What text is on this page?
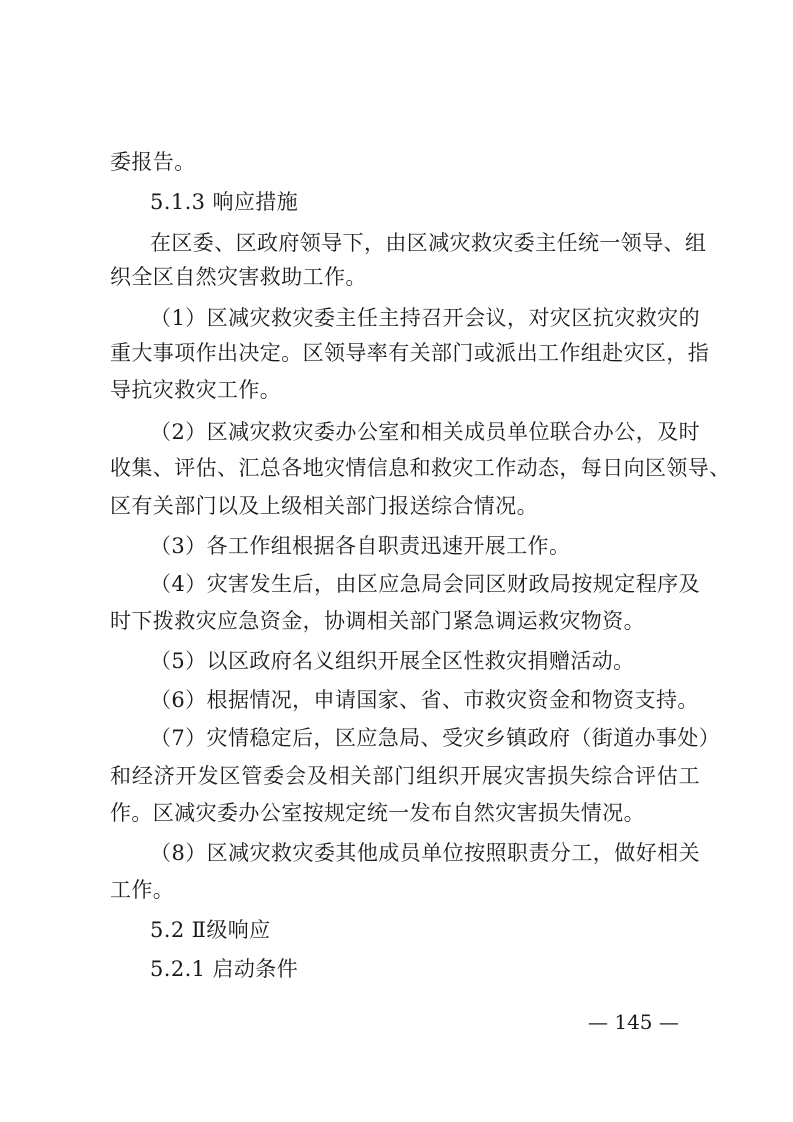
委报告。
5.1.3 响应措施
在区委、区政府领导下，由区减灾救灾委主任统一领导、组
织全区自然灾害救助工作。
（1）区减灾救灾委主任主持召开会议，对灾区抗灾救灾的
重大事项作出决定。区领导率有关部门或派出工作组赴灾区，指
导抗灾救灾工作。
（2）区减灾救灾委办公室和相关成员单位联合办公，及时
收集、评估、汇总各地灾情信息和救灾工作动态，每日向区领导、
区有关部门以及上级相关部门报送综合情况。
（3）各工作组根据各自职责迅速开展工作。
（4）灾害发生后，由区应急局会同区财政局按规定程序及
时下拨救灾应急资金，协调相关部门紧急调运救灾物资。
（5）以区政府名义组织开展全区性救灾捐赠活动。
（6）根据情况，申请国家、省、市救灾资金和物资支持。
（7）灾情稳定后，区应急局、受灾乡镇政府（街道办事处）
和经济开发区管委会及相关部门组织开展灾害损失综合评估工
作。区减灾委办公室按规定统一发布自然灾害损失情况。
（8）区减灾救灾委其他成员单位按照职责分工，做好相关
工作。
5.2 Ⅱ级响应
5.2.1 启动条件
— 145 —
